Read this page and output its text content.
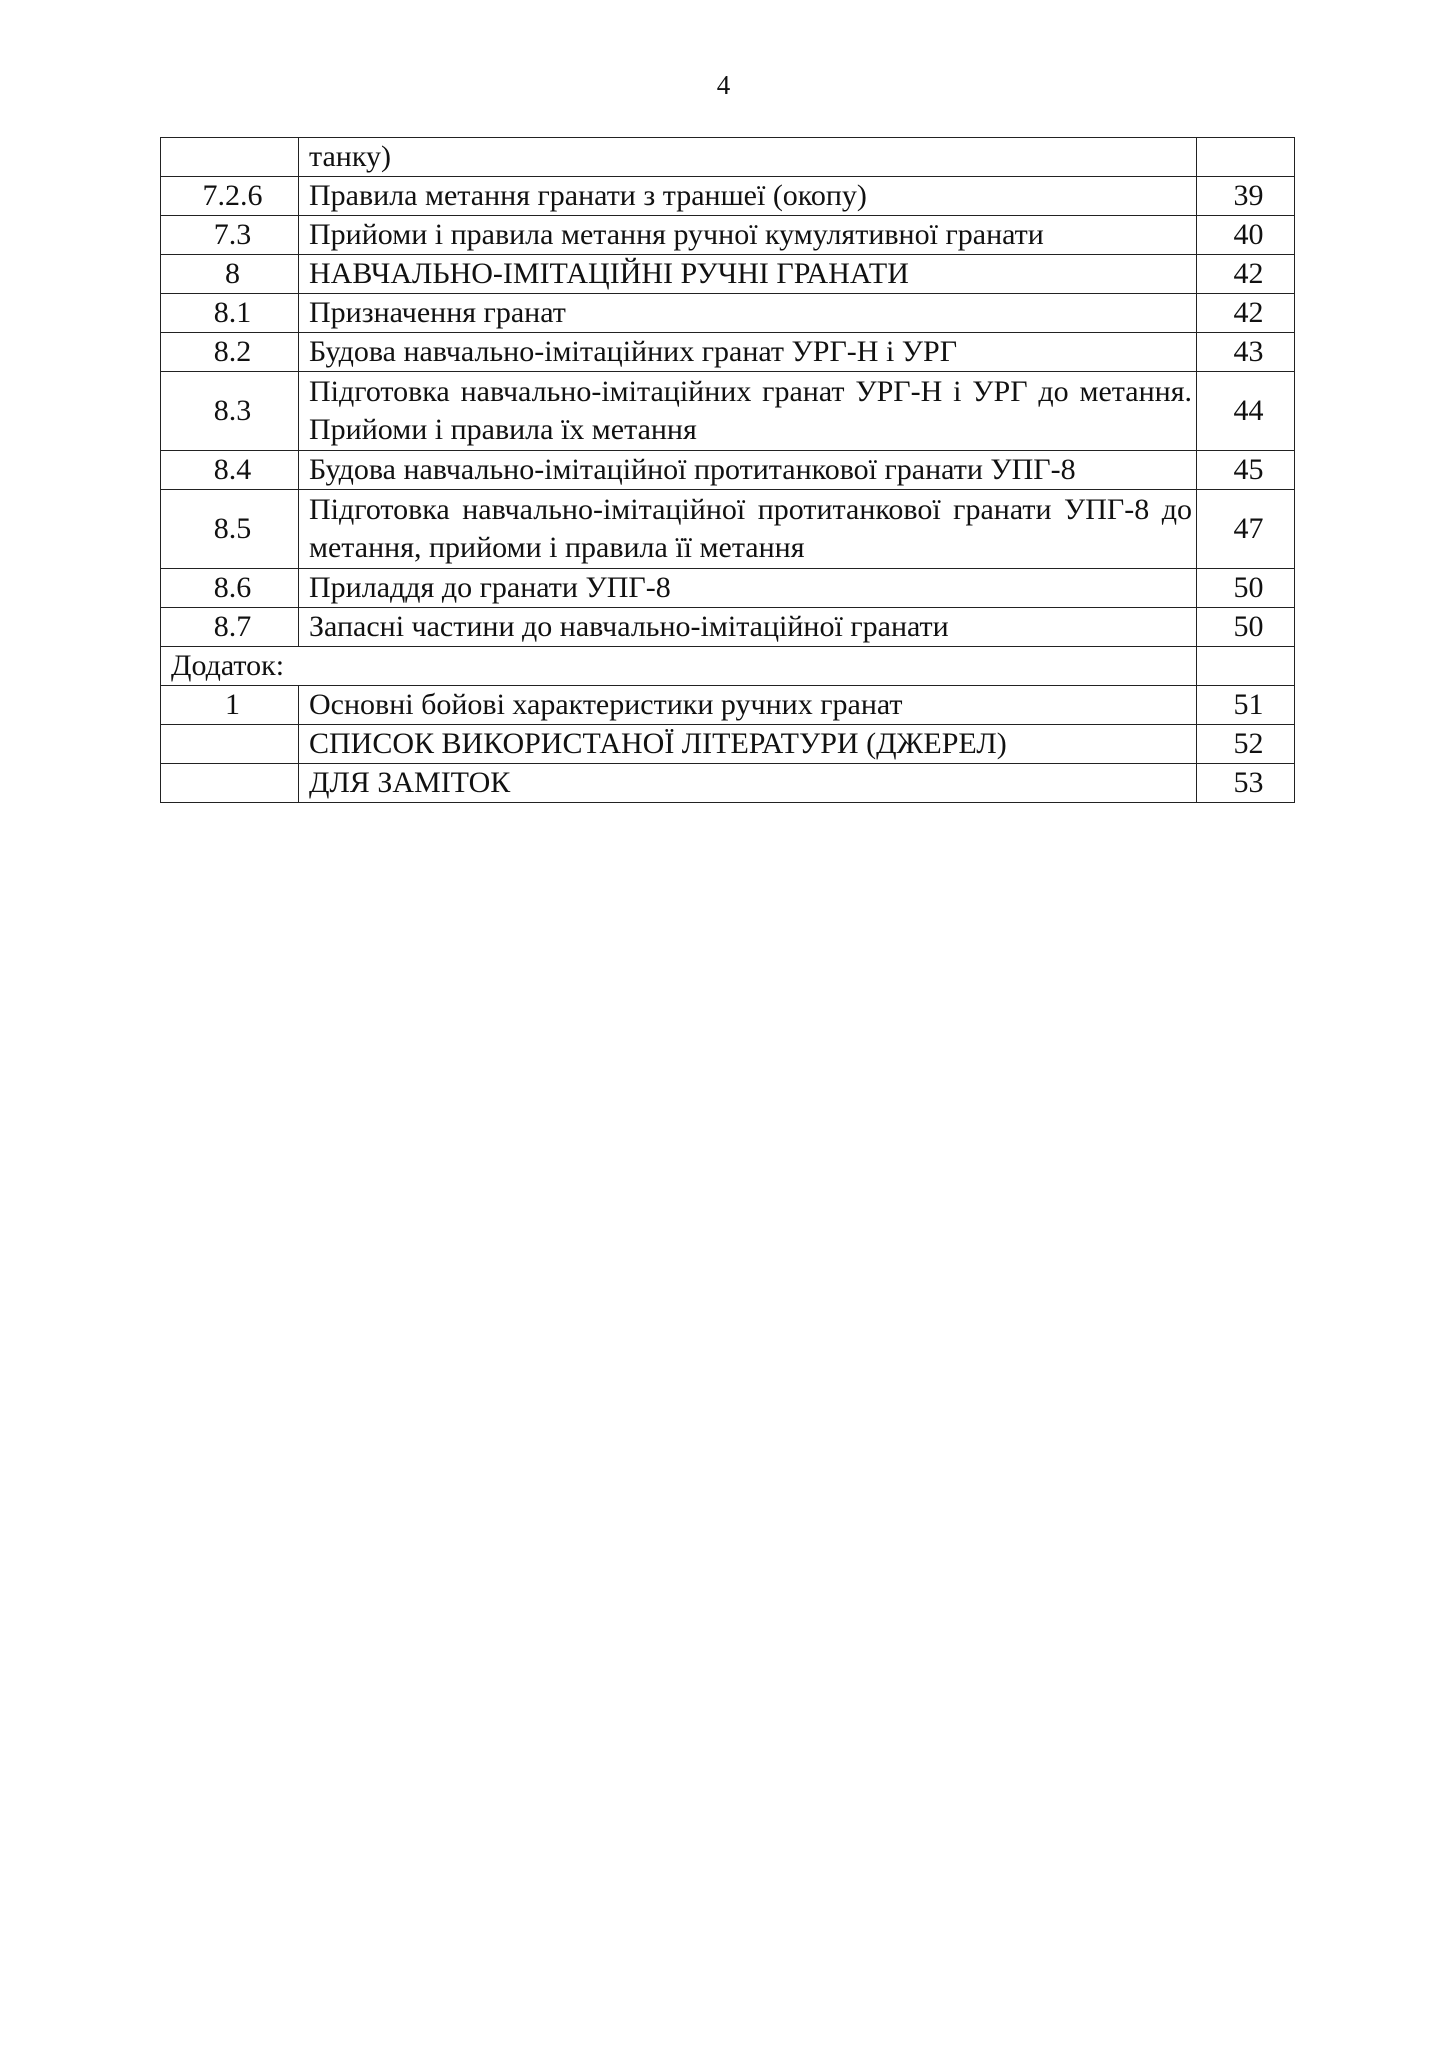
4
	танку)	
7.2.6	Правила метання гранати з траншеї (окопу)	39
7.3	Прийоми і правила метання ручної кумулятивної гранати	40
8	НАВЧАЛЬНО-ІМІТАЦІЙНІ РУЧНІ ГРАНАТИ	42
8.1	Призначення гранат	42
8.2	Будова навчально-імітаційних гранат УРГ-Н і УРГ	43
8.3	Підготовка навчально-імітаційних гранат УРГ-Н і УРГ до метання. Прийоми і правила їх метання	44
8.4	Будова навчально-імітаційної протитанкової гранати УПГ-8	45
8.5	Підготовка навчально-імітаційної протитанкової гранати УПГ-8 до метання, прийоми і правила її метання	47
8.6	Приладдя до гранати УПГ-8	50
8.7	Запасні частини до навчально-імітаційної гранати	50
Додаток:		
1	Основні бойові характеристики ручних гранат	51
	СПИСОК ВИКОРИСТАНОЇ ЛІТЕРАТУРИ (ДЖЕРЕЛ)	52
	ДЛЯ ЗАМІТОК	53
